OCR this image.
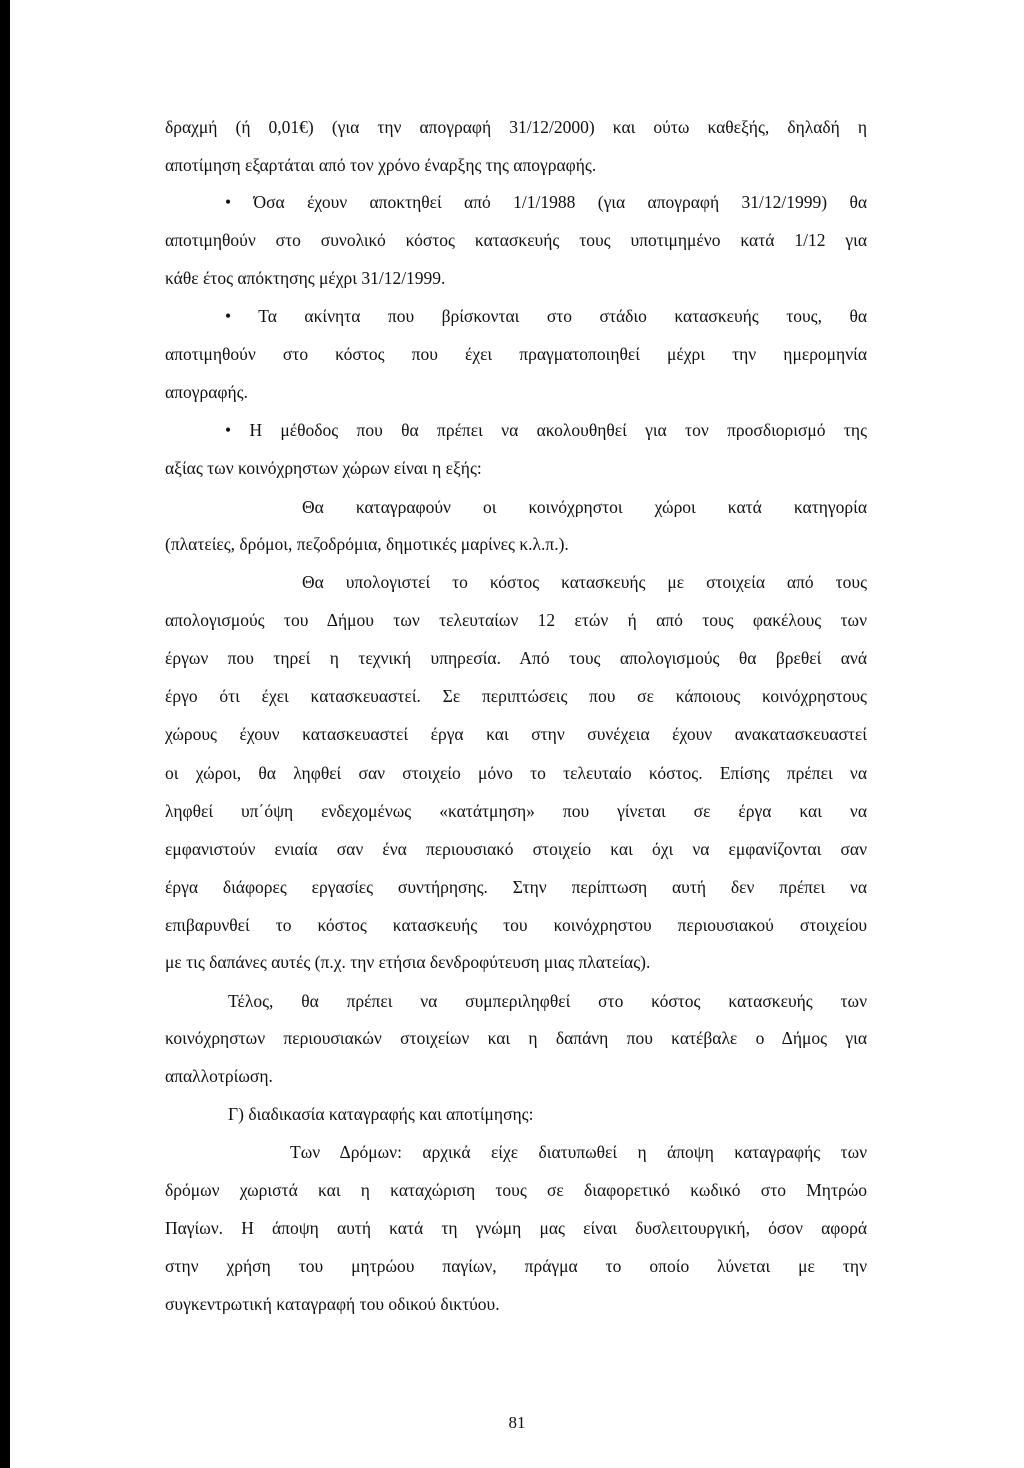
δραχμή (ή 0,01€) (για την απογραφή 31/12/2000) και ούτω καθεξής, δηλαδή η
αποτίμηση εξαρτάται από τον χρόνο έναρξης της απογραφής.
• Όσα έχουν αποκτηθεί από 1/1/1988 (για απογραφή 31/12/1999) θα
αποτιμηθούν στο συνολικό κόστος κατασκευής τους υποτιμημένο κατά 1/12 για
κάθε έτος απόκτησης μέχρι 31/12/1999.
• Τα ακίνητα που βρίσκονται στο στάδιο κατασκευής τους, θα
αποτιμηθούν στο κόστος που έχει πραγματοποιηθεί μέχρι την ημερομηνία
απογραφής.
• Η μέθοδος που θα πρέπει να ακολουθηθεί για τον προσδιορισμό της
αξίας των κοινόχρηστων χώρων είναι η εξής:
Θα καταγραφούν οι κοινόχρηστοι χώροι κατά κατηγορία
(πλατείες, δρόμοι, πεζοδρόμια, δημοτικές μαρίνες κ.λ.π.).
Θα υπολογιστεί το κόστος κατασκευής με στοιχεία από τους
απολογισμούς του Δήμου των τελευταίων 12 ετών ή από τους φακέλους των
έργων που τηρεί η τεχνική υπηρεσία. Από τους απολογισμούς θα βρεθεί ανά
έργο ότι έχει κατασκευαστεί. Σε περιπτώσεις που σε κάποιους κοινόχρηστους
χώρους έχουν κατασκευαστεί έργα και στην συνέχεια έχουν ανακατασκευαστεί
οι χώροι, θα ληφθεί σαν στοιχείο μόνο το τελευταίο κόστος. Επίσης πρέπει να
ληφθεί υπ΄όψη ενδεχομένως «κατάτμηση» που γίνεται σε έργα και να
εμφανιστούν ενιαία σαν ένα περιουσιακό στοιχείο και όχι να εμφανίζονται σαν
έργα διάφορες εργασίες συντήρησης. Στην περίπτωση αυτή δεν πρέπει να
επιβαρυνθεί το κόστος κατασκευής του κοινόχρηστου περιουσιακού στοιχείου
με τις δαπάνες αυτές (π.χ. την ετήσια δενδροφύτευση μιας πλατείας).
Τέλος, θα πρέπει να συμπεριληφθεί στο κόστος κατασκευής των
κοινόχρηστων περιουσιακών στοιχείων και η δαπάνη που κατέβαλε ο Δήμος για
απαλλοτρίωση.
Γ) διαδικασία καταγραφής και αποτίμησης:
Των Δρόμων: αρχικά είχε διατυπωθεί η άποψη καταγραφής των
δρόμων χωριστά και η καταχώριση τους σε διαφορετικό κωδικό στο Μητρώο
Παγίων. Η άποψη αυτή κατά τη γνώμη μας είναι δυσλειτουργική, όσον αφορά
στην χρήση του μητρώου παγίων, πράγμα το οποίο λύνεται με την
συγκεντρωτική καταγραφή του οδικού δικτύου.
81
